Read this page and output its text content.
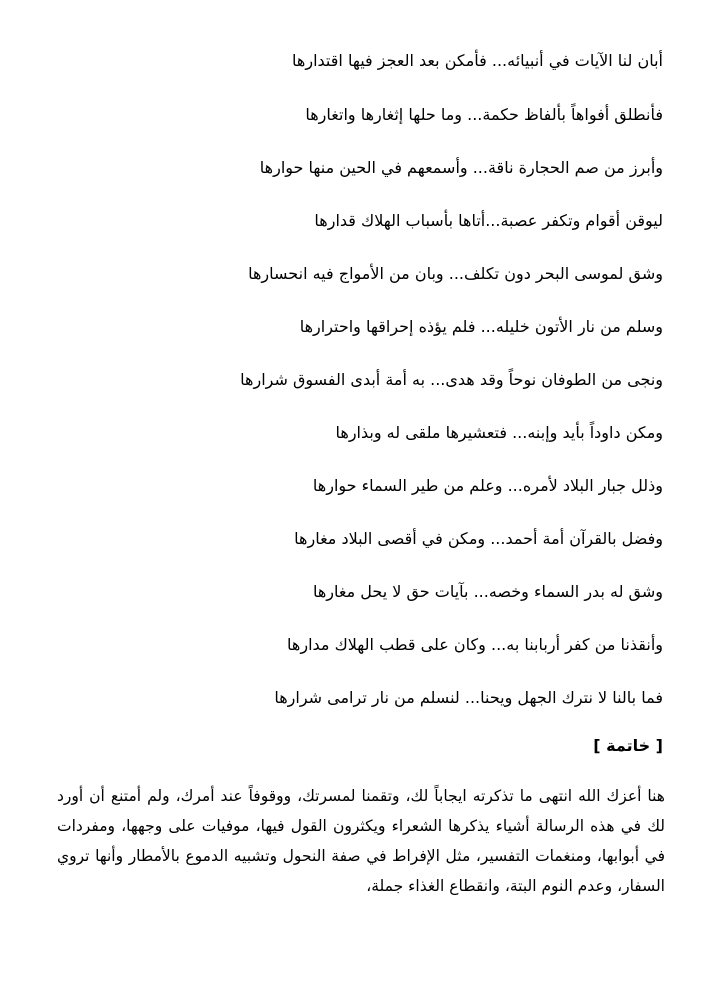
أبان لنا الآيات في أنبيائه... فأمكن بعد العجز فيها اقتدارها
فأنطلق أفواهاً بألفاظ حكمة... وما حلها إثغارها واتغارها
وأبرز من صم الحجارة ناقة... وأسمعهم في الحين منها حوارها
ليوقن أقوام وتكفر عصبة...أتاها بأسباب الهلاك قدارها
وشق لموسى البحر دون تكلف... وبان من الأمواج فيه انحسارها
وسلم من نار الأتون خليله... فلم يؤذه إحراقها واحترارها
ونجى من الطوفان نوحاً وقد هدى... به أمة أبدى الفسوق شرارها
ومكن داوداً بأيد وإبنه... فتعشيرها ملقى له وبذارها
وذلل جبار البلاد لأمره... وعلم من طير السماء حوارها
وفضل بالقرآن أمة أحمد... ومكن في أقصى البلاد مغارها
وشق له بدر السماء وخصه... بآيات حق لا يحل مغارها
وأنقذنا من كفر أربابنا به... وكان على قطب الهلاك مدارها
فما بالنا لا نترك الجهل ويحنا... لنسلم من نار ترامى شرارها
[ خاتمة ]
هنا أعزك الله انتهى ما تذكرته ايجاباً لك، وتقمنا لمسرتك، ووقوفاً عند أمرك، ولم أمتنع أن أورد لك في هذه الرسالة أشياء يذكرها الشعراء ويكثرون القول فيها، موفيات على وجهها، ومفردات في أبوابها، ومنغمات التفسير، مثل الإفراط في صفة النحول وتشبيه الدموع بالأمطار وأنها تروي السفار، وعدم النوم البتة، وانقطاع الغذاء جملة،
